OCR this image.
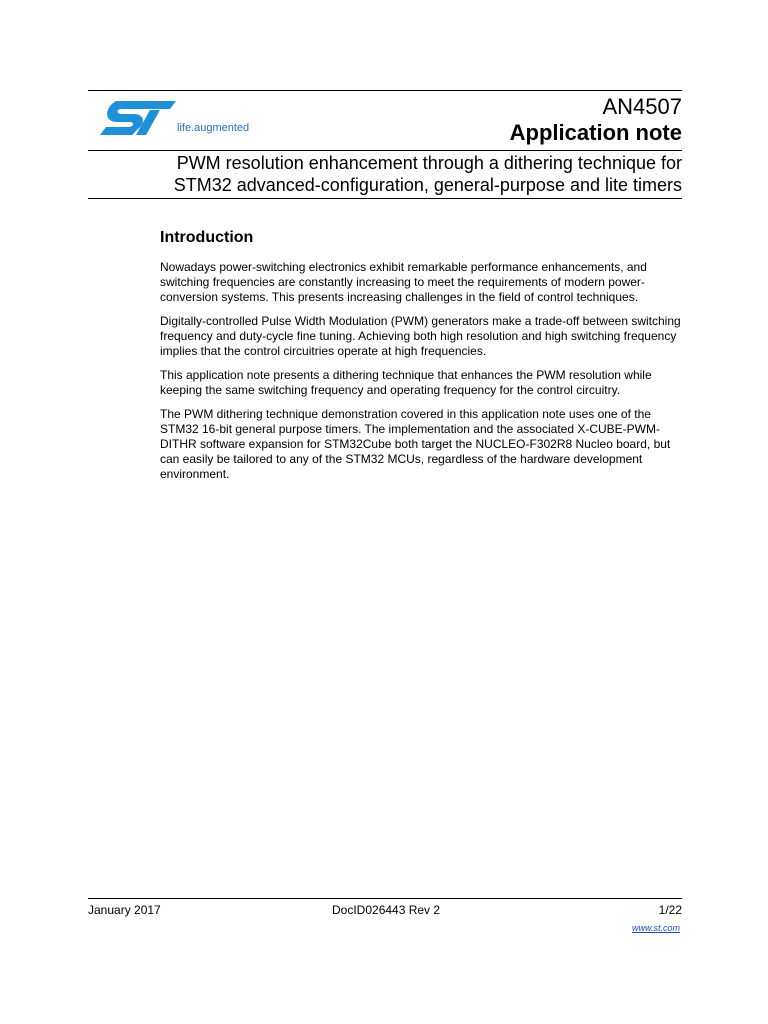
life.augmented
AN4507
Application note
PWM resolution enhancement through a dithering technique for
STM32 advanced-configuration, general-purpose and lite timers
Introduction

Nowadays power-switching electronics exhibit remarkable performance enhancements, and switching frequencies are constantly increasing to meet the requirements of modern power-conversion systems. This presents increasing challenges in the field of control techniques.

Digitally-controlled Pulse Width Modulation (PWM) generators make a trade-off between switching frequency and duty-cycle fine tuning. Achieving both high resolution and high switching frequency implies that the control circuitries operate at high frequencies.

This application note presents a dithering technique that enhances the PWM resolution while keeping the same switching frequency and operating frequency for the control circuitry.

The PWM dithering technique demonstration covered in this application note uses one of the STM32 16-bit general purpose timers. The implementation and the associated X-CUBE-PWM-DITHR software expansion for STM32Cube both target the NUCLEO-F302R8 Nucleo board, but can easily be tailored to any of the STM32 MCUs, regardless of the hardware development environment.

January 2017	DocID026443 Rev 2	1/22
www.st.com
